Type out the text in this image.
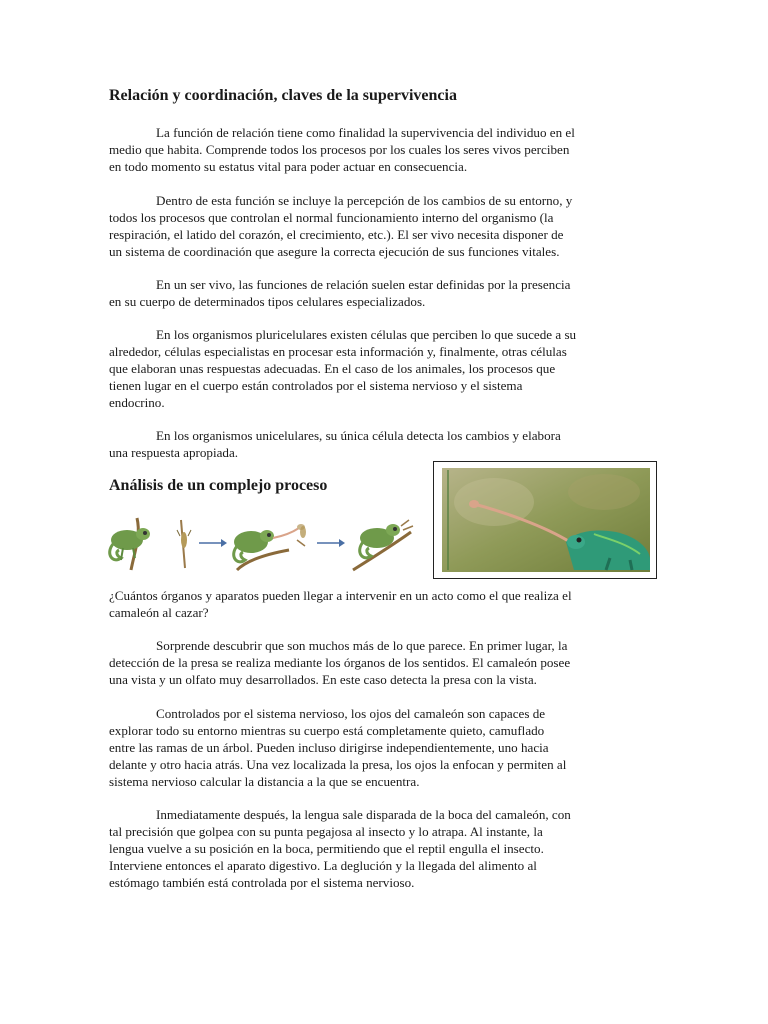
Relación y coordinación, claves de la supervivencia

La función de relación tiene como finalidad la supervivencia del individuo en el
medio que habita. Comprende todos los procesos por los cuales los seres vivos perciben
en todo momento su estatus vital para poder actuar en consecuencia.

Dentro de esta función se incluye la percepción de los cambios de su entorno, y
todos los procesos que controlan el normal funcionamiento interno del organismo (la
respiración, el latido del corazón, el crecimiento, etc.). El ser vivo necesita disponer de
un sistema de coordinación que asegure la correcta ejecución de sus funciones vitales.

En un ser vivo, las funciones de relación suelen estar definidas por la presencia
en su cuerpo de determinados tipos celulares especializados.

En los organismos pluricelulares existen células que perciben lo que sucede a su
alrededor, células especialistas en procesar esta información y, finalmente, otras células
que elaboran unas respuestas adecuadas. En el caso de los animales, los procesos que
tienen lugar en el cuerpo están controlados por el sistema nervioso y el sistema
endocrino.

En los organismos unicelulares, su única célula detecta los cambios y elabora
una respuesta apropiada.

Análisis de un complejo proceso

¿Cuántos órganos y aparatos pueden llegar a intervenir en un acto como el que realiza el
camaleón al cazar?

Sorprende descubrir que son muchos más de lo que parece. En primer lugar, la
detección de la presa se realiza mediante los órganos de los sentidos. El camaleón posee
una vista y un olfato muy desarrollados. En este caso detecta la presa con la vista.

Controlados por el sistema nervioso, los ojos del camaleón son capaces de
explorar todo su entorno mientras su cuerpo está completamente quieto, camuflado
entre las ramas de un árbol. Pueden incluso dirigirse independientemente, uno hacia
delante y otro hacia atrás. Una vez localizada la presa, los ojos la enfocan y permiten al
sistema nervioso calcular la distancia a la que se encuentra.

Inmediatamente después, la lengua sale disparada de la boca del camaleón, con
tal precisión que golpea con su punta pegajosa al insecto y lo atrapa. Al instante, la
lengua vuelve a su posición en la boca, permitiendo que el reptil engulla el insecto.
Interviene entonces el aparato digestivo. La deglución y la llegada del alimento al
estómago también está controlada por el sistema nervioso.
